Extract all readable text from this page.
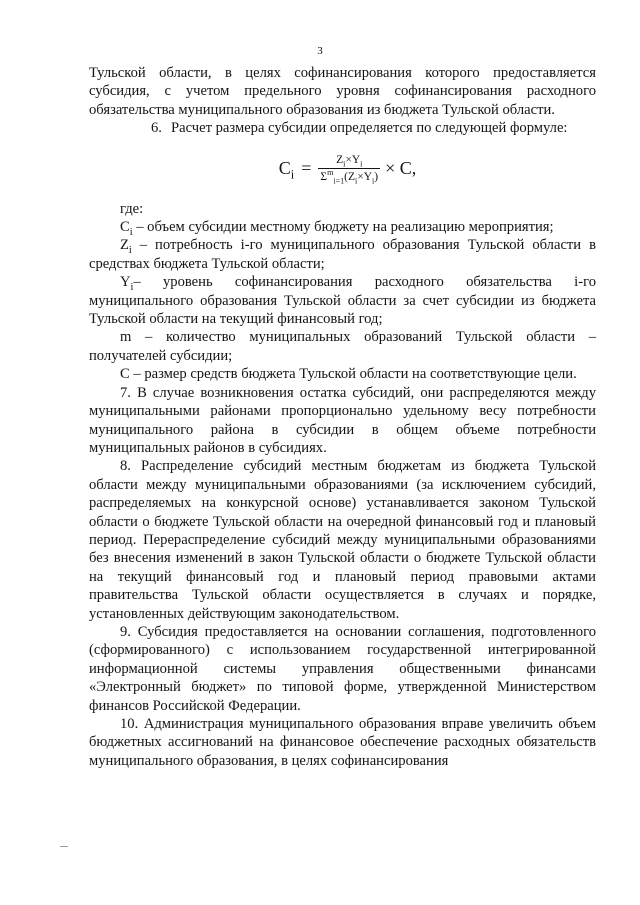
3

Тульской области, в целях софинансирования которого предоставляется субсидия, с учетом предельного уровня софинансирования расходного обязательства муниципального образования из бюджета Тульской области.

6. Расчет размера субсидии определяется по следующей формуле:

$C_i = \frac{Z_i\times Y_i}{\Sigma^m_{i=1}(Z_i\times Y_i)} \times С$,

где:

$C_i$ – объем субсидии местному бюджету на реализацию мероприятия;

$Z_i$ – потребность i-го муниципального образования Тульской области в средствах бюджета Тульской области;

$Y_i-$ уровень софинансирования расходного обязательства i-го муниципального образования Тульской области за счет субсидии из бюджета Тульской области на текущий финансовый год;

m – количество муниципальных образований Тульской области – получателей субсидии;

С – размер средств бюджета Тульской области на соответствующие цели.

7. В случае возникновения остатка субсидий, они распределяются между муниципальными районами пропорционально удельному весу потребности муниципального района в субсидии в общем объеме потребности муниципальных районов в субсидиях.

8. Распределение субсидий местным бюджетам из бюджета Тульской области между муниципальными образованиями (за исключением субсидий, распределяемых на конкурсной основе) устанавливается законом Тульской области о бюджете Тульской области на очередной финансовый год и плановый период. Перераспределение субсидий между муниципальными образованиями без внесения изменений в закон Тульской области о бюджете Тульской области на текущий финансовый год и плановый период правовыми актами правительства Тульской области осуществляется в случаях и порядке, установленных действующим законодательством.

9. Субсидия предоставляется на основании соглашения, подготовленного (сформированного) с использованием государственной интегрированной информационной системы управления общественными финансами «Электронный бюджет» по типовой форме, утвержденной Министерством финансов Российской Федерации.

10. Администрация муниципального образования вправе увеличить объем бюджетных ассигнований на финансовое обеспечение расходных обязательств муниципального образования, в целях софинансирования
